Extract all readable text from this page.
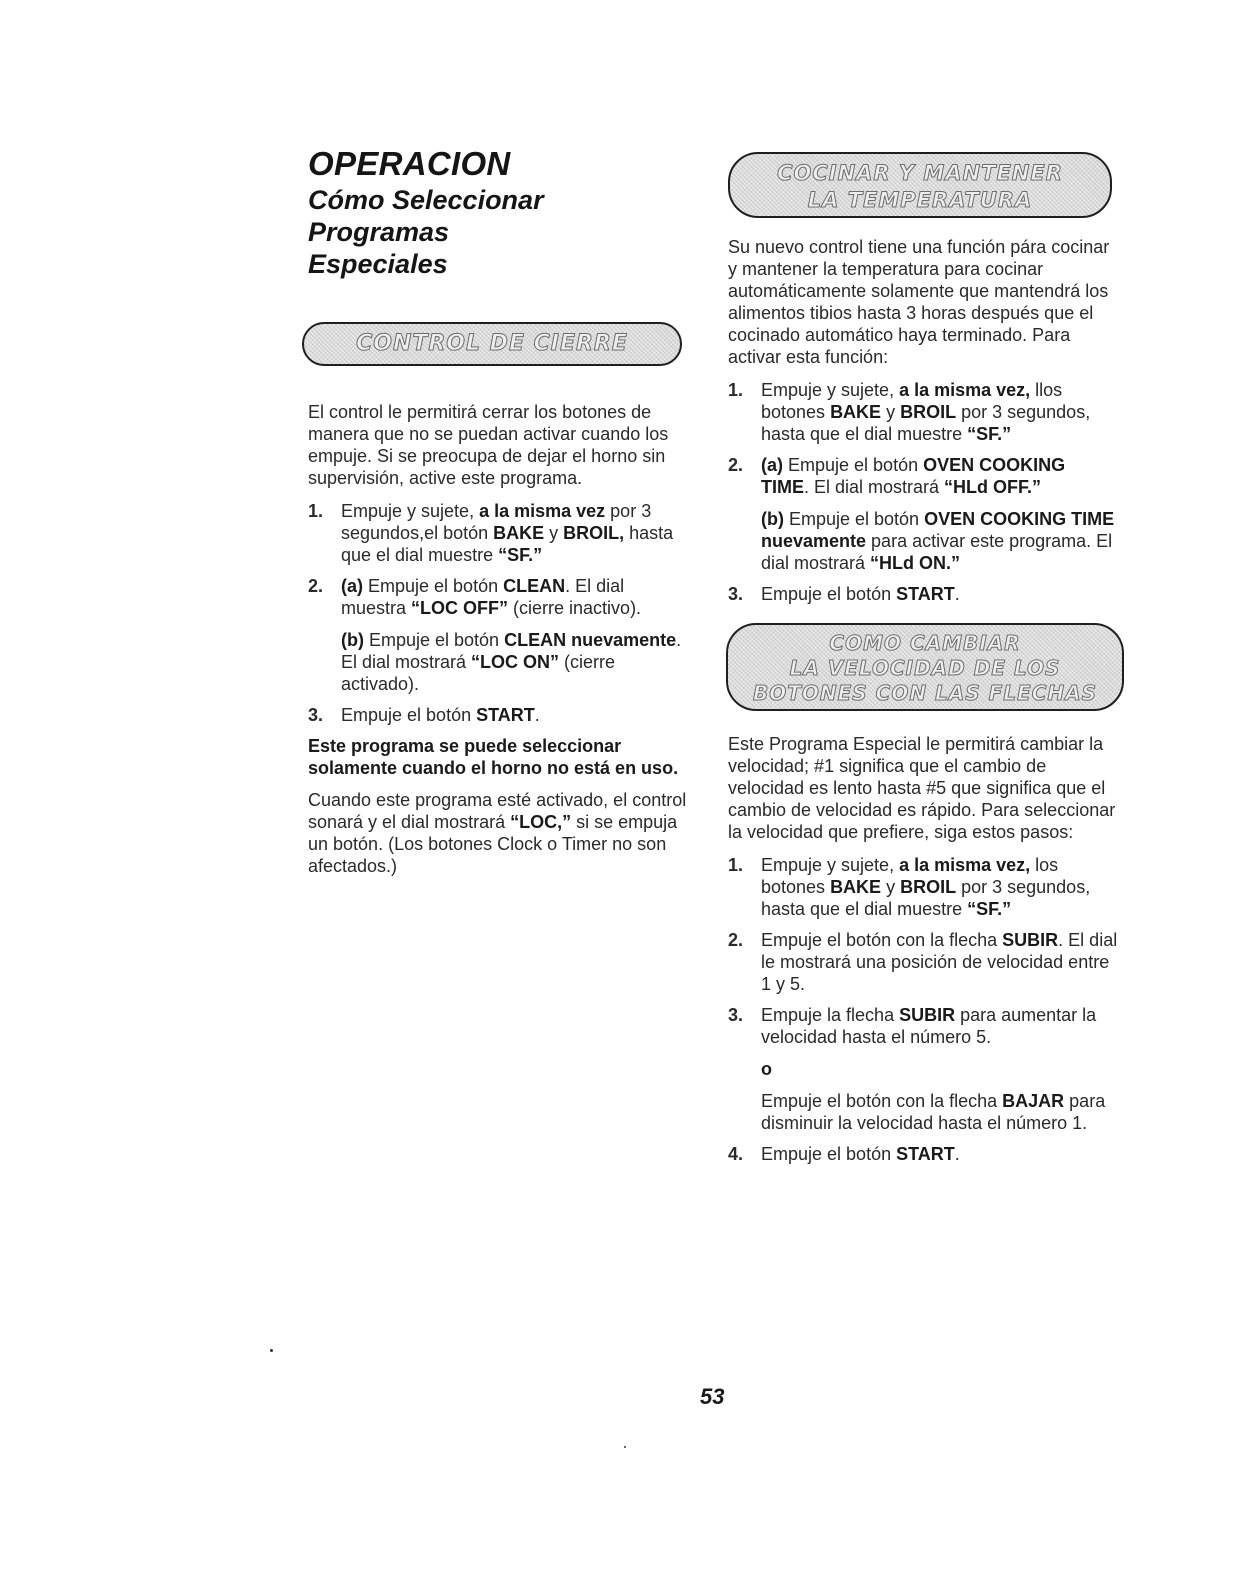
OPERACION
Cómo Seleccionar Programas
Especiales
CONTROL DE CIERRE

El control le permitirá cerrar los botones de manera que no se puedan activar cuando los empuje. Si se preocupa de dejar el horno sin supervisión, active este programa.

1. Empuje y sujete, a la misma vez por 3 segundos,el botón BAKE y BROIL, hasta que el dial muestre “SF.”
2. (a) Empuje el botón CLEAN. El dial muestra “LOC OFF” (cierre inactivo).
(b) Empuje el botón CLEAN nuevamente. El dial mostrará “LOC ON” (cierre activado).
3. Empuje el botón START.

Este programa se puede seleccionar solamente cuando el horno no está en uso.

Cuando este programa esté activado, el control sonará y el dial mostrará “LOC,” si se empuja un botón. (Los botones Clock o Timer no son afectados.)

COCINAR Y MANTENER
LA TEMPERATURA

Su nuevo control tiene una función pára cocinar y mantener la temperatura para cocinar automáticamente solamente que mantendrá los alimentos tibios hasta 3 horas después que el cocinado automático haya terminado. Para activar esta función:

1. Empuje y sujete, a la misma vez, llos botones BAKE y BROIL por 3 segundos, hasta que el dial muestre “SF.”
2. (a) Empuje el botón OVEN COOKING TIME. El dial mostrará “HLd OFF.”
(b) Empuje el botón OVEN COOKING TIME nuevamente para activar este programa. El dial mostrará “HLd ON.”
3. Empuje el botón START.
COMO CAMBIAR
LA VELOCIDAD DE LOS
BOTONES CON LAS FLECHAS

Este Programa Especial le permitirá cambiar la velocidad; #1 significa que el cambio de velocidad es lento hasta #5 que significa que el cambio de velocidad es rápido. Para seleccionar la velocidad que prefiere, siga estos pasos:

1. Empuje y sujete, a la misma vez, los botones BAKE y BROIL por 3 segundos, hasta que el dial muestre “SF.”
2. Empuje el botón con la flecha SUBIR. El dial le mostrará una posición de velocidad entre 1 y 5.
3. Empuje la flecha SUBIR para aumentar la velocidad hasta el número 5.
o
Empuje el botón con la flecha BAJAR para disminuir la velocidad hasta el número 1.
4. Empuje el botón START.
53
